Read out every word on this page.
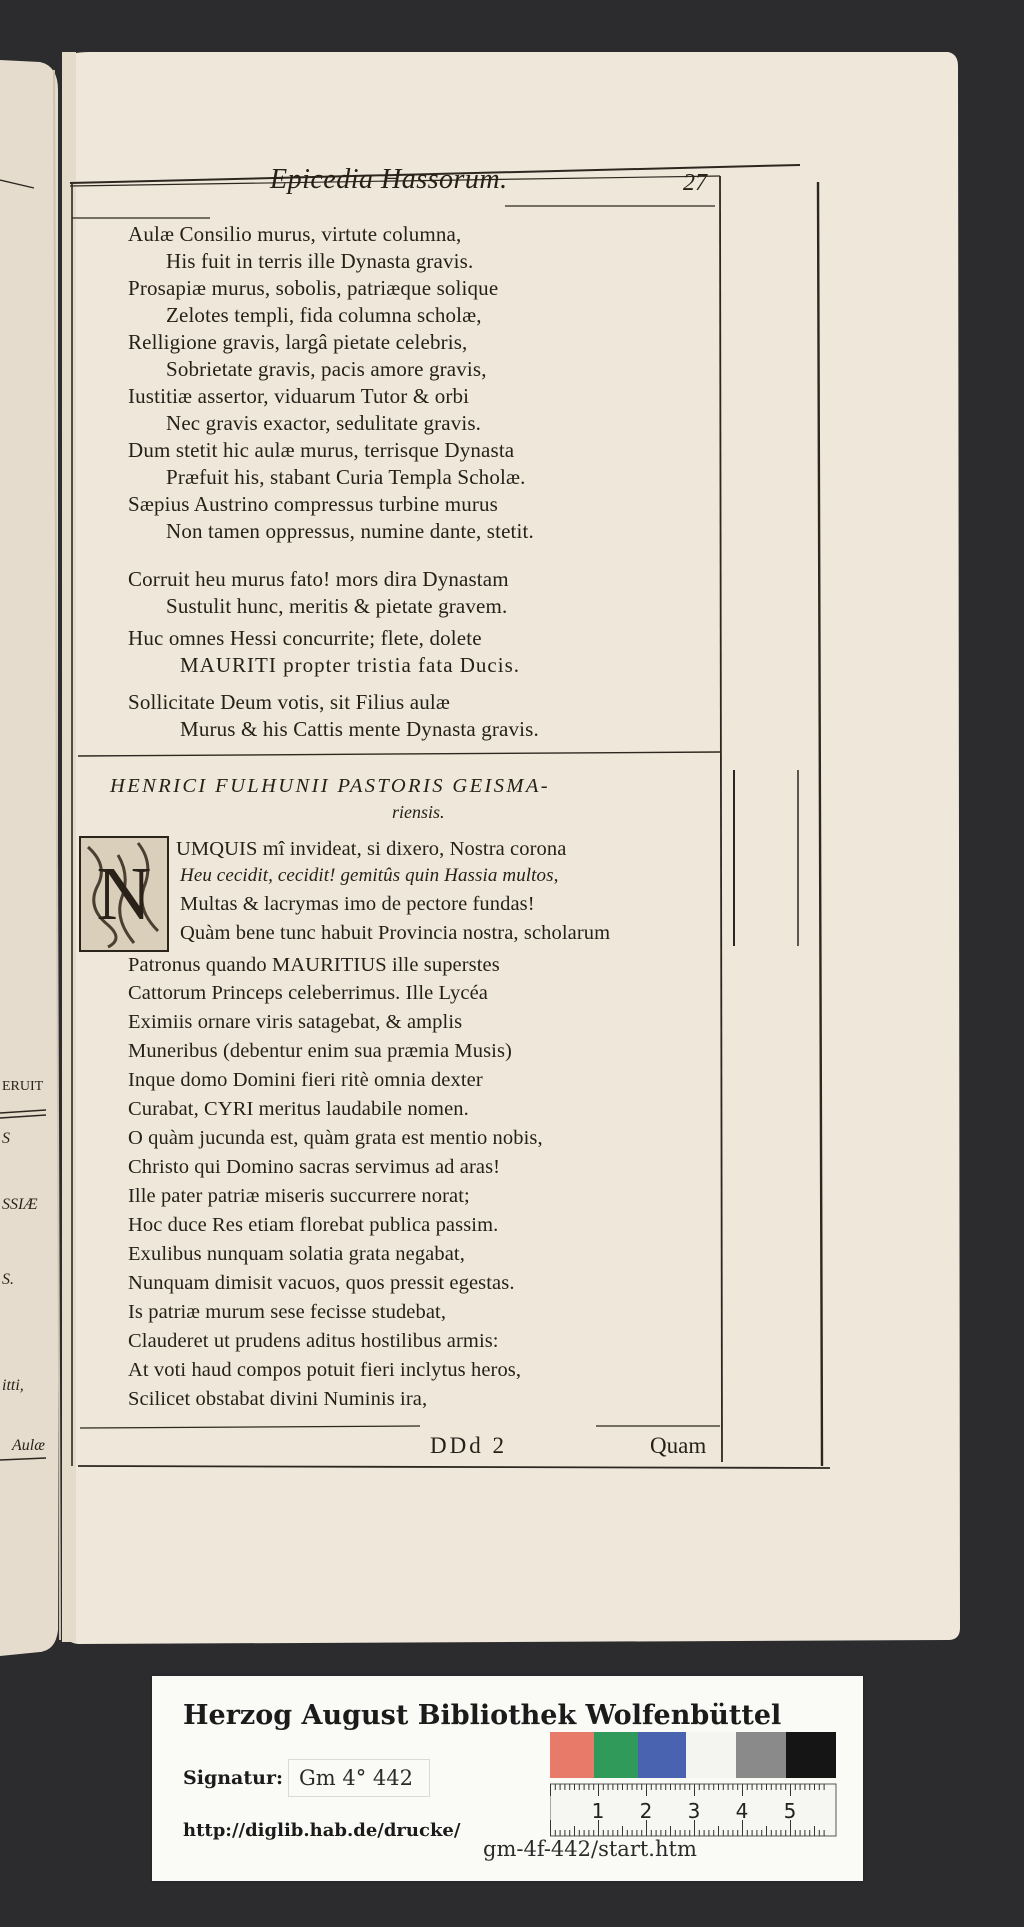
ERUIT
S
SSIÆ
S.
itti,
Aulæ
Epicedia Hassorum.	27
Aulæ Consilio murus, virtute columna,
His fuit in terris ille Dynasta gravis.
Prosapiæ murus, sobolis, patriæque solique
Zelotes templi, fida columna scholæ,
Relligione gravis, largâ pietate celebris,
Sobrietate gravis, pacis amore gravis,
Iustitiæ assertor, viduarum Tutor & orbi
Nec gravis exactor, sedulitate gravis.
Dum stetit hic aulæ murus, terrisque Dynasta
Præfuit his, stabant Curia Templa Scholæ.
Sæpius Austrino compressus turbine murus
Non tamen oppressus, numine dante, stetit.
Corruit heu murus fato! mors dira Dynastam
Sustulit hunc, meritis & pietate gravem.
Huc omnes Hessi concurrite; flete, dolete
MAURITI propter tristia fata Ducis.
Sollicitate Deum votis, sit Filius aulæ
Murus & his Cattis mente Dynasta gravis.
HENRICI FULHUNII PASTORIS GEISMA-
riensis.
N
UMQUIS mî invideat, si dixero, Nostra corona
Heu cecidit, cecidit! gemitûs quin Hassia multos,
Multas & lacrymas imo de pectore fundas!
Quàm bene tunc habuit Provincia nostra, scholarum
Patronus quando MAURITIUS ille superstes
Cattorum Princeps celeberrimus. Ille Lycéa
Eximiis ornare viris satagebat, & amplis
Muneribus (debentur enim sua præmia Musis)
Inque domo Domini fieri ritè omnia dexter
Curabat, CYRI meritus laudabile nomen.
O quàm jucunda est, quàm grata est mentio nobis,
Christo qui Domino sacras servimus ad aras!
Ille pater patriæ miseris succurrere norat;
Hoc duce Res etiam florebat publica passim.
Exulibus nunquam solatia grata negabat,
Nunquam dimisit vacuos, quos pressit egestas.
Is patriæ murum sese fecisse studebat,
Clauderet ut prudens aditus hostilibus armis:
At voti haud compos potuit fieri inclytus heros,
Scilicet obstabat divini Numinis ira,
DDd 2	Quam
Herzog August Bibliothek Wolfenbüttel
Signatur: Gm 4° 442
http://diglib.hab.de/drucke/
gm-4f-442/start.htm
1 2 3 4 5
